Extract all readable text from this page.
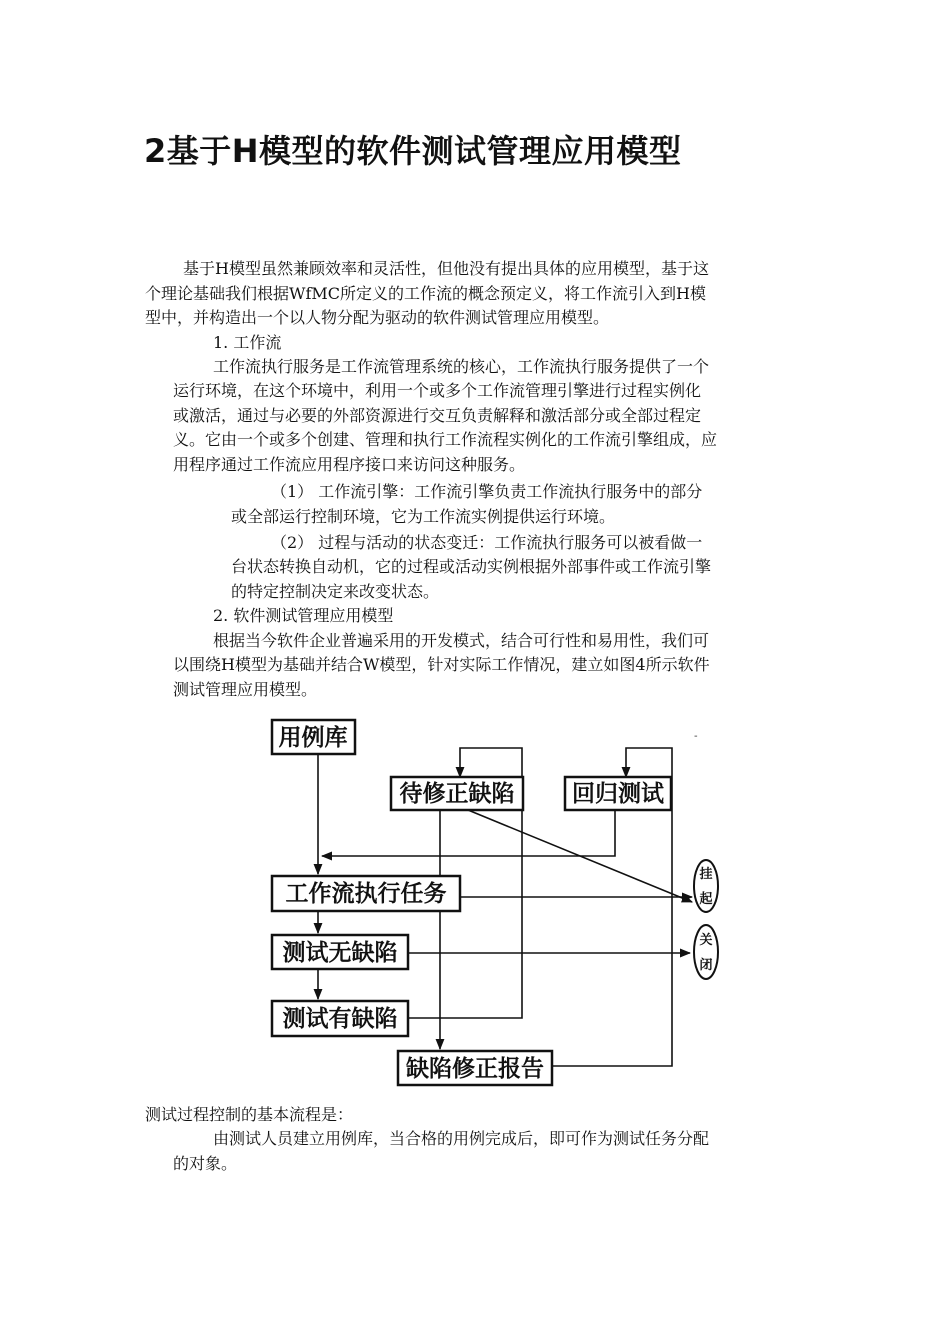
2基于H模型的软件测试管理应用模型
基于H模型虽然兼顾效率和灵活性，但他没有提出具体的应用模型，基于这
个理论基础我们根据WfMC所定义的工作流的概念预定义，将工作流引入到H模
型中，并构造出一个以人物分配为驱动的软件测试管理应用模型。
1. 工作流
工作流执行服务是工作流管理系统的核心，工作流执行服务提供了一个
运行环境，在这个环境中，利用一个或多个工作流管理引擎进行过程实例化
或激活，通过与必要的外部资源进行交互负责解释和激活部分或全部过程定
义。它由一个或多个创建、管理和执行工作流程实例化的工作流引擎组成，应
用程序通过工作流应用程序接口来访问这种服务。
（1） 工作流引擎：工作流引擎负责工作流执行服务中的部分
或全部运行控制环境，它为工作流实例提供运行环境。
（2） 过程与活动的状态变迁：工作流执行服务可以被看做一
台状态转换自动机，它的过程或活动实例根据外部事件或工作流引擎
的特定控制决定来改变状态。
2. 软件测试管理应用模型
根据当今软件企业普遍采用的开发模式，结合可行性和易用性，我们可
以围绕H模型为基础并结合W模型，针对实际工作情况，建立如图4所示软件
测试管理应用模型。
用例库
待修正缺陷	回归测试
工作流执行任务
测试无缺陷
测试有缺陷
缺陷修正报告
挂
起
关
闭
-
测试过程控制的基本流程是：
由测试人员建立用例库，当合格的用例完成后，即可作为测试任务分配
的对象。
